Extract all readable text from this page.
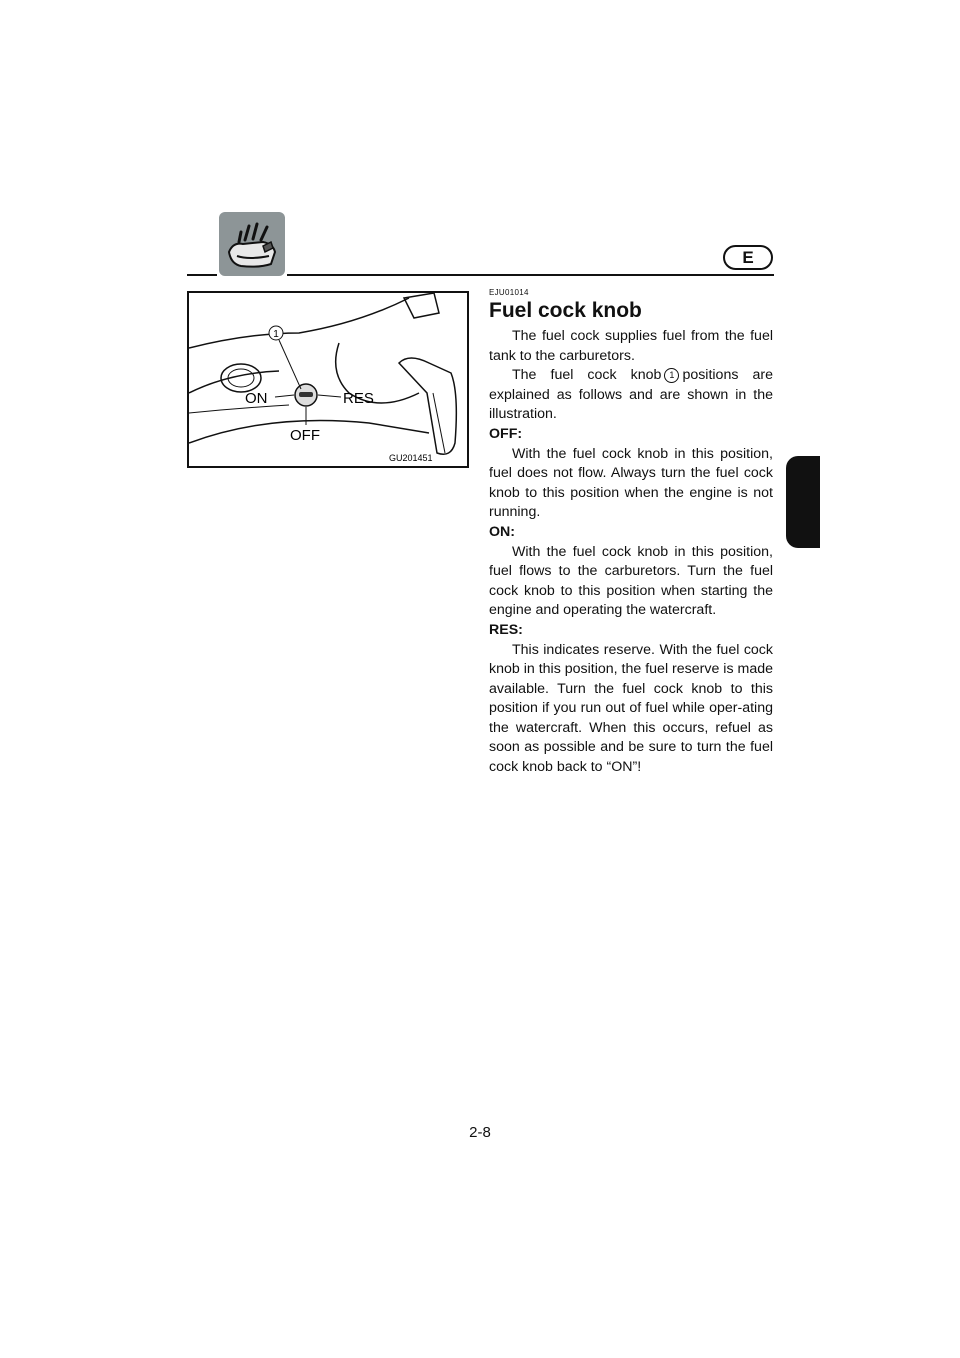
E
1
ON	RES
OFF
GU201451
EJU01014
Fuel cock knob

The fuel cock supplies fuel from the fuel tank to the carburetors.

The fuel cock knob 1 positions are explained as follows and are shown in the illustration.

OFF:

With the fuel cock knob in this position, fuel does not flow. Always turn the fuel cock knob to this position when the engine is not running.

ON:

With the fuel cock knob in this position, fuel flows to the carburetors. Turn the fuel cock knob to this position when starting the engine and operating the watercraft.

RES:

This indicates reserve. With the fuel cock knob in this position, the fuel reserve is made available. Turn the fuel cock knob to this position if you run out of fuel while oper-ating the watercraft. When this occurs, refuel as soon as possible and be sure to turn the fuel cock knob back to “ON”!

2-8
